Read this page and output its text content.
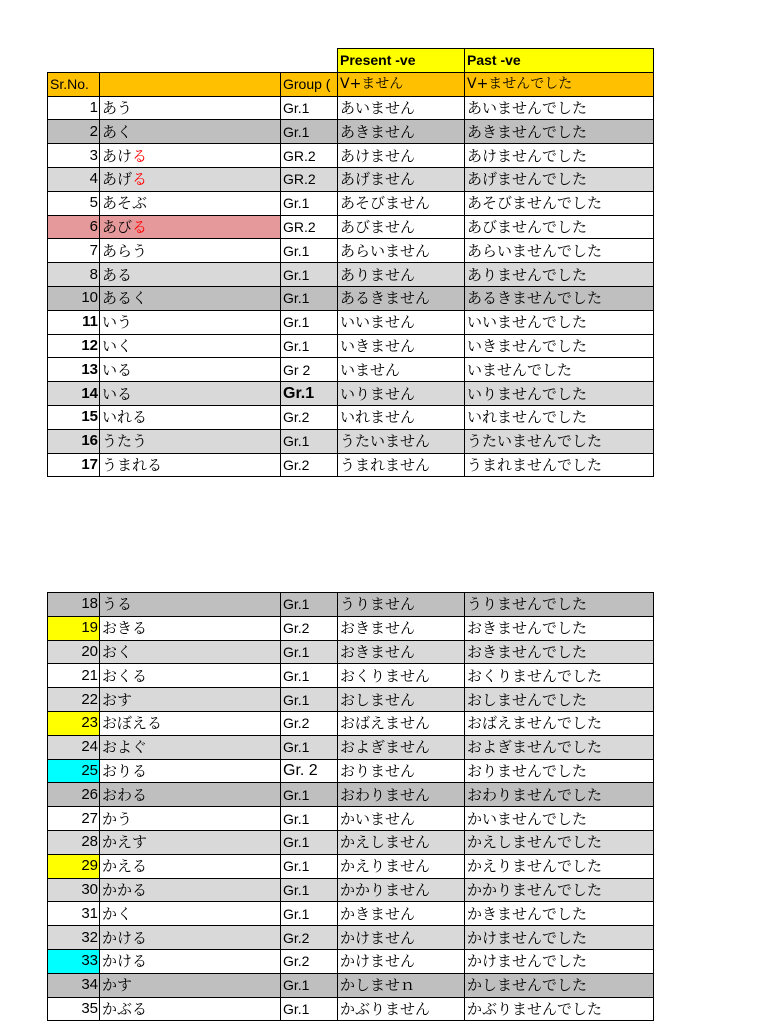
			Present -ve	Past -ve
Sr.No.		Group (	V+ません	V+ませんでした
1	あう	Gr.1	あいません	あいませんでした
2	あく	Gr.1	あきません	あきませんでした
3	あける	GR.2	あけません	あけませんでした
4	あげる	GR.2	あげません	あげませんでした
5	あそぶ	Gr.1	あそびません	あそびませんでした
6	あびる	GR.2	あびません	あびませんでした
7	あらう	Gr.1	あらいません	あらいませんでした
8	ある	Gr.1	ありません	ありませんでした
10	あるく	Gr.1	あるきません	あるきませんでした
11	いう	Gr.1	いいません	いいませんでした
12	いく	Gr.1	いきません	いきませんでした
13	いる	Gr 2	いません	いませんでした
14	いる	Gr.1	いりません	いりませんでした
15	いれる	Gr.2	いれません	いれませんでした
16	うたう	Gr.1	うたいません	うたいませんでした
17	うまれる	Gr.2	うまれません	うまれませんでした
18	うる	Gr.1	うりません	うりませんでした
19	おきる	Gr.2	おきません	おきませんでした
20	おく	Gr.1	おきません	おきませんでした
21	おくる	Gr.1	おくりません	おくりませんでした
22	おす	Gr.1	おしません	おしませんでした
23	おぼえる	Gr.2	おばえません	おばえませんでした
24	およぐ	Gr.1	およぎません	およぎませんでした
25	おりる	Gr. 2	おりません	おりませんでした
26	おわる	Gr.1	おわりません	おわりませんでした
27	かう	Gr.1	かいません	かいませんでした
28	かえす	Gr.1	かえしません	かえしませんでした
29	かえる	Gr.1	かえりません	かえりませんでした
30	かかる	Gr.1	かかりません	かかりませんでした
31	かく	Gr.1	かきません	かきませんでした
32	かける	Gr.2	かけません	かけませんでした
33	かける	Gr.2	かけません	かけませんでした
34	かす	Gr.1	かしませｎ	かしませんでした
35	かぶる	Gr.1	かぶりません	かぶりませんでした
